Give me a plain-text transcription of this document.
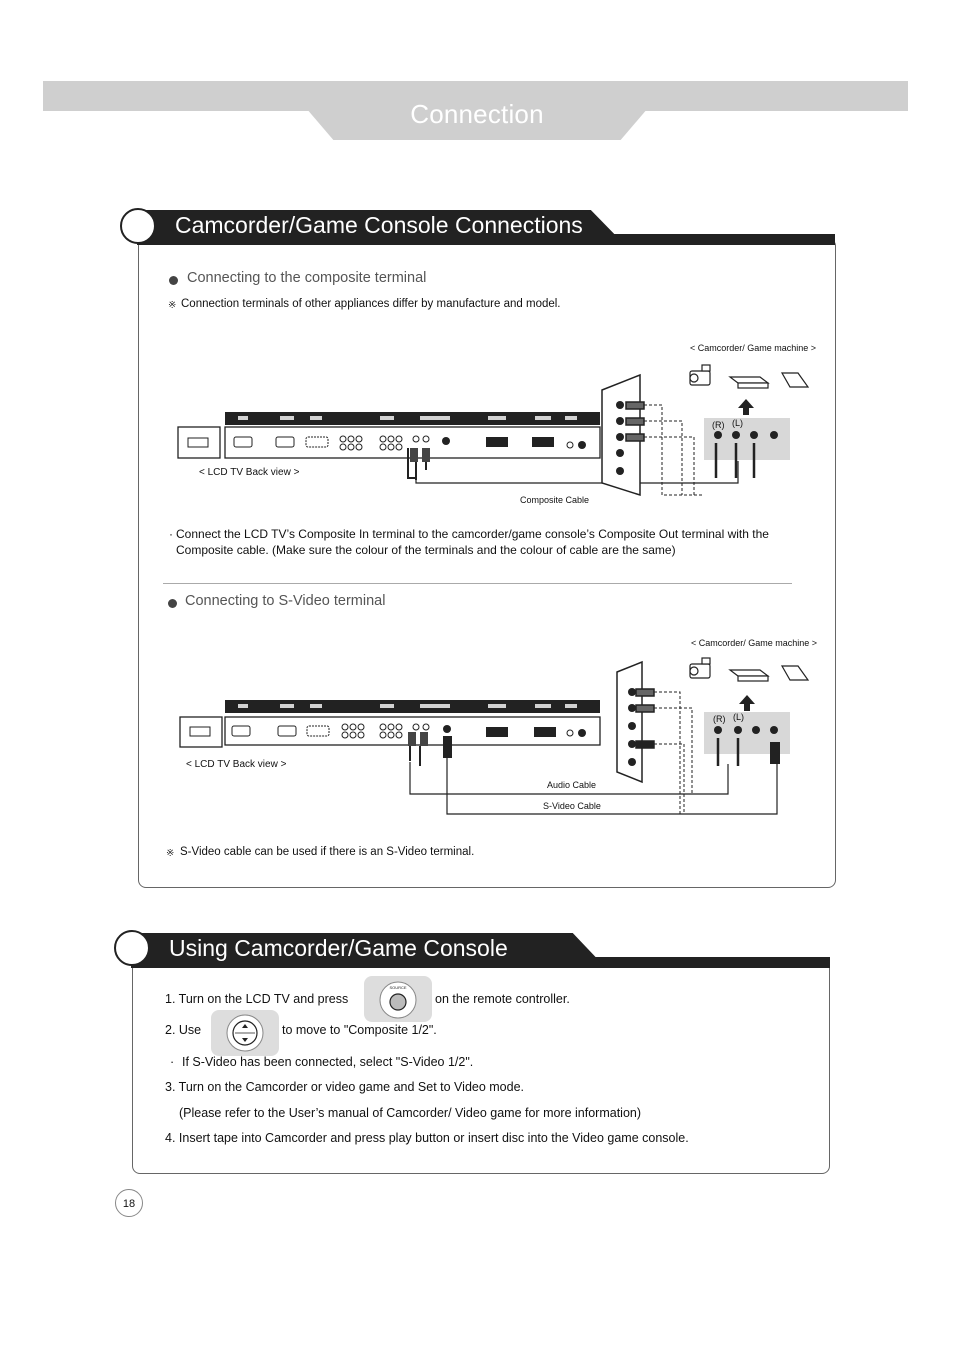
Connection
Camcorder/Game Console Connections
Connecting to the composite terminal
※ Connection terminals of other appliances differ by manufacture and model.
< Camcorder/ Game machine >
(R) (L)
< LCD TV Back view >
Composite Cable
· Connect the LCD TV’s Composite In terminal to the camcorder/game console’s Composite Out terminal with the
Composite cable. (Make sure the colour of the terminals and the colour of cable are the same)
Connecting to S-Video terminal
< Camcorder/ Game machine >
(R) (L)
< LCD TV Back view >
Audio Cable
S-Video Cable
※ S-Video cable can be used if there is an S-Video terminal.
Using Camcorder/Game Console
1. Turn on the LCD TV and press
SOURCE
on the remote controller.
2. Use	to move to "Composite 1/2".
· If S-Video has been connected, select "S-Video 1/2".
3. Turn on the Camcorder or video game and Set to Video mode.
(Please refer to the User’s manual of Camcorder/ Video game for more information)
4. Insert tape into Camcorder and press play button or insert disc into the Video game console.
18
